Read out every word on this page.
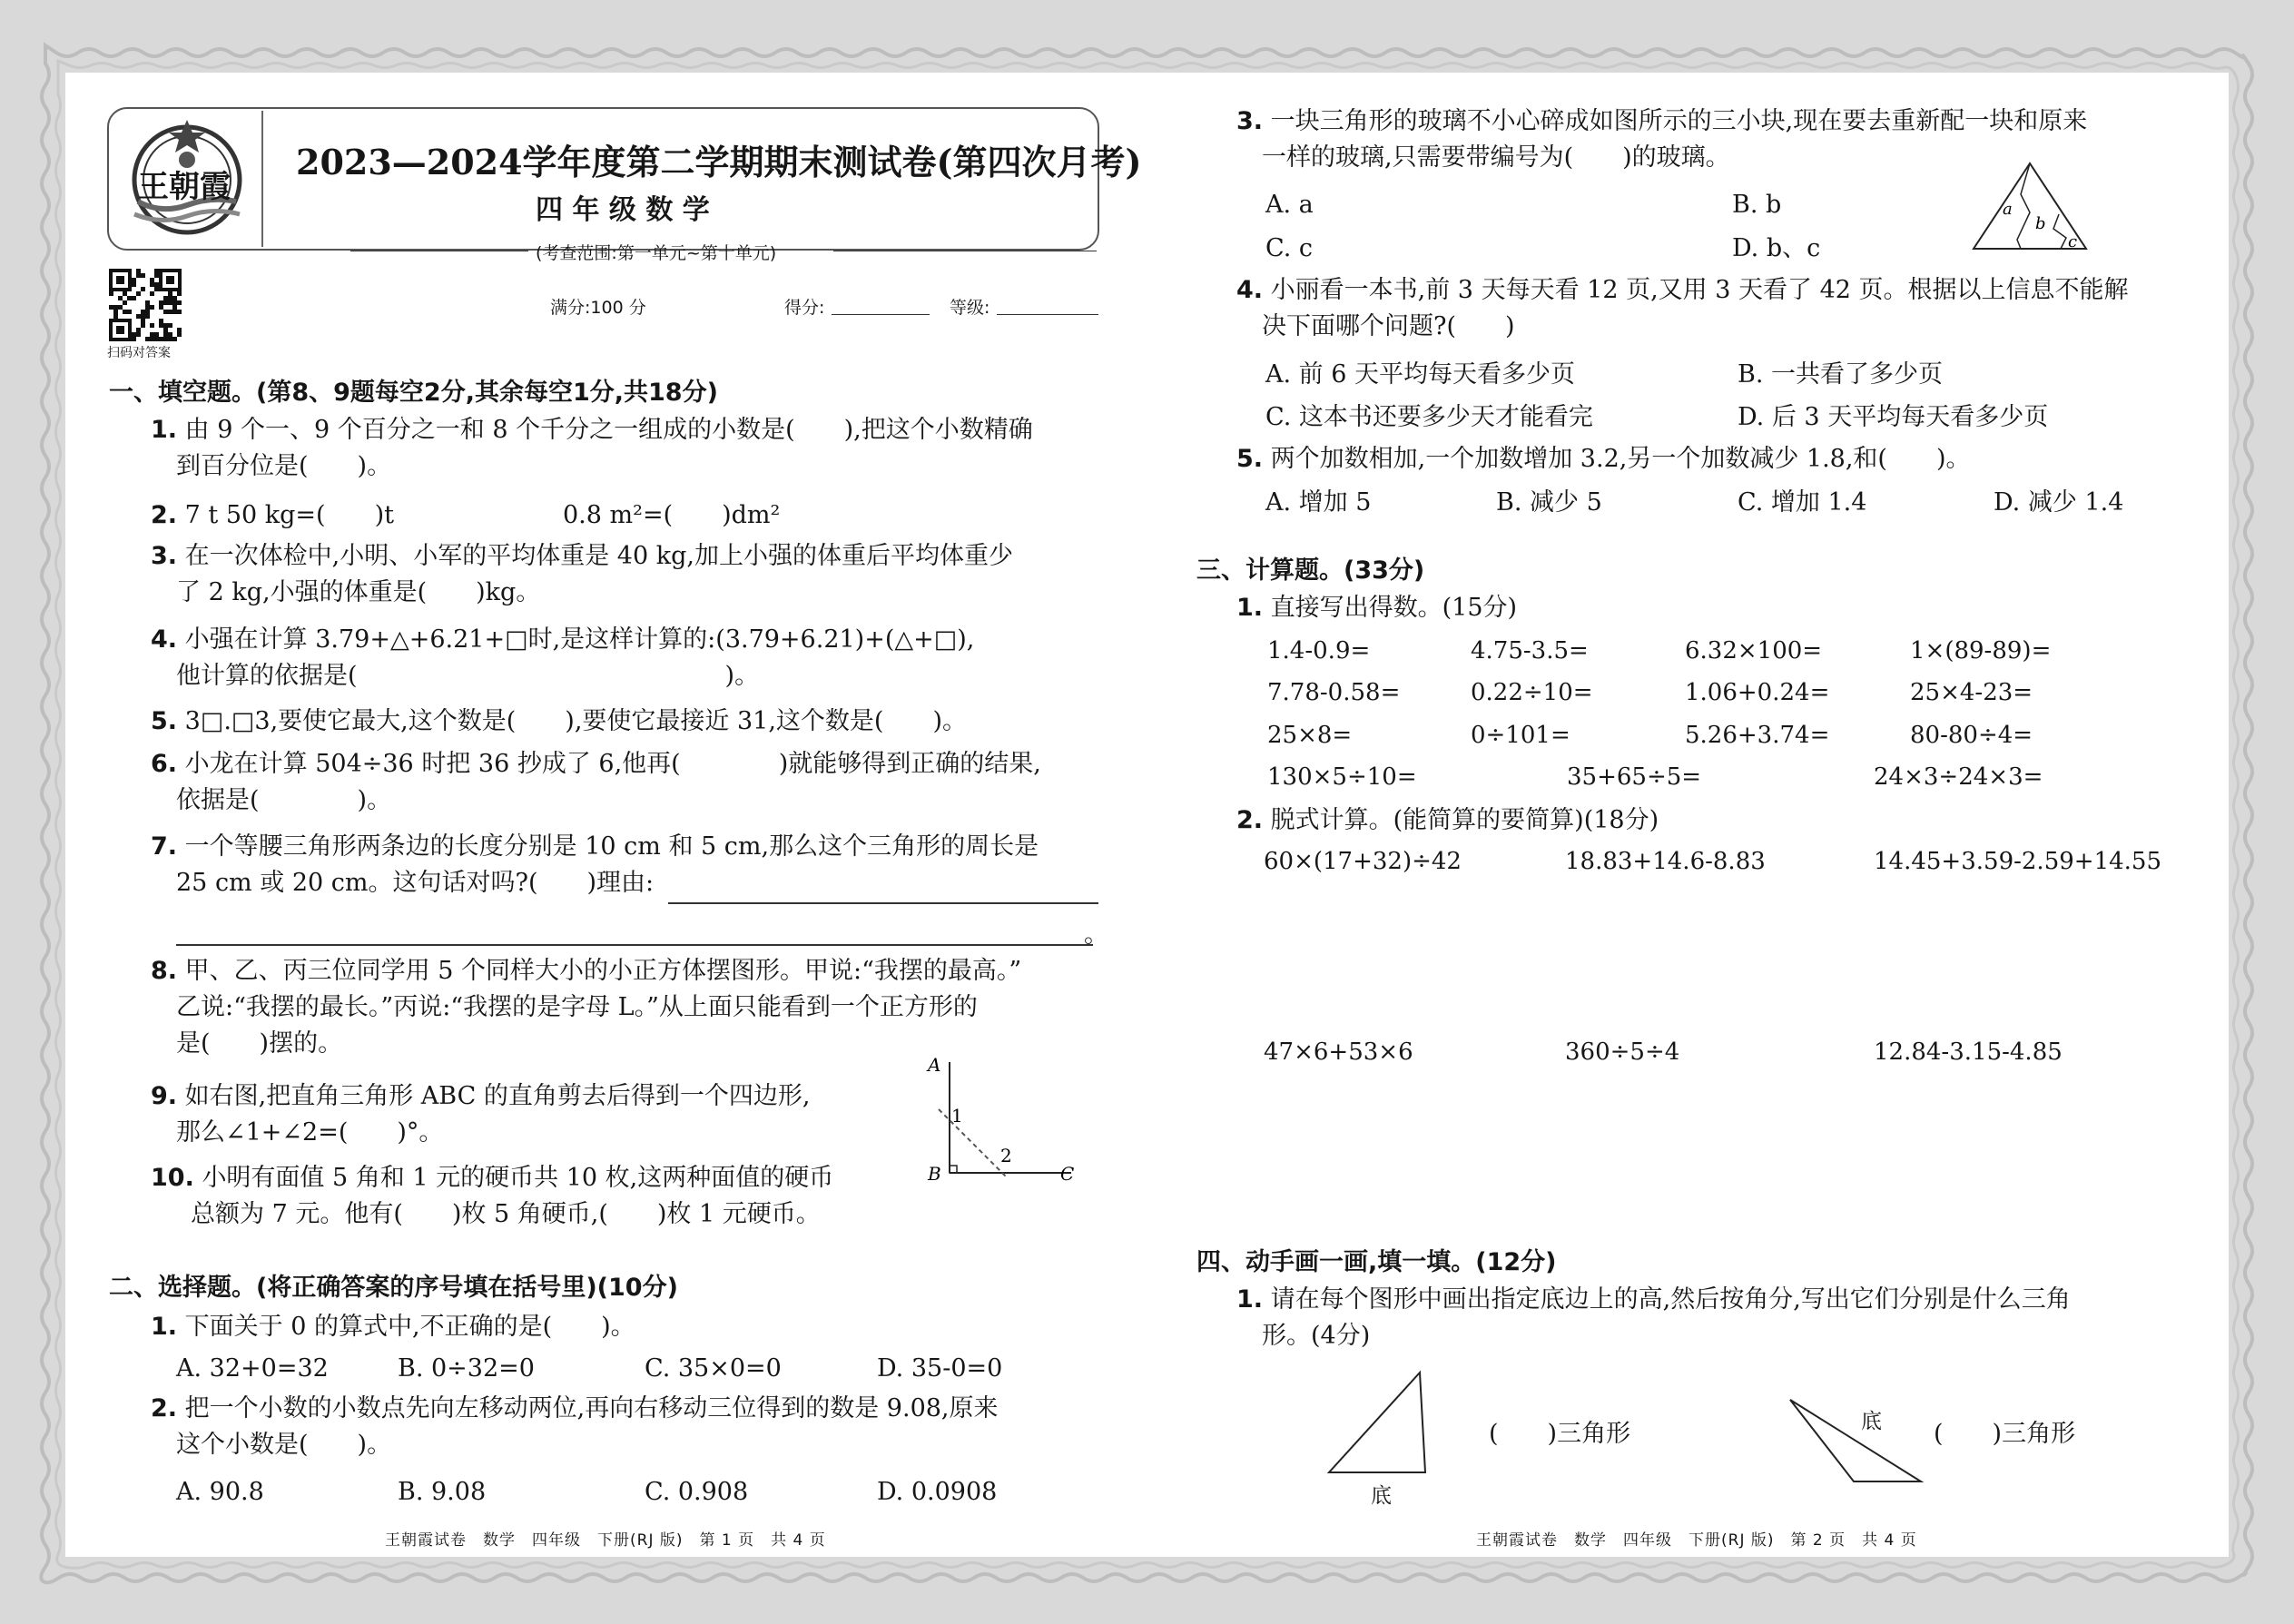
王朝霞
2023—2024学年度第二学期期末测试卷(第四次月考)
四 年 级 数 学
(考查范围:第一单元~第十单元)
扫码对答案
满分:100 分	得分:	等级:
一、填空题。(第8、9题每空2分,其余每空1分,共18分)
1. 由 9 个一、9 个百分之一和 8 个千分之一组成的小数是(　　),把这个小数精确
到百分位是(　　)。
2. 7 t 50 kg=(　　)t	0.8 m²=(　　)dm²
3. 在一次体检中,小明、小军的平均体重是 40 kg,加上小强的体重后平均体重少
了 2 kg,小强的体重是(　　)kg。
4. 小强在计算 3.79+△+6.21+□时,是这样计算的:(3.79+6.21)+(△+□),
他计算的依据是(　　　　　　　　　　　　　　　)。
5. 3□.□3,要使它最大,这个数是(　　),要使它最接近 31,这个数是(　　)。
6. 小龙在计算 504÷36 时把 36 抄成了 6,他再(　　　　)就能够得到正确的结果,
依据是(　　　　)。
7. 一个等腰三角形两条边的长度分别是 10 cm 和 5 cm,那么这个三角形的周长是
25 cm 或 20 cm。这句话对吗?(　　)理由:
。
8. 甲、乙、丙三位同学用 5 个同样大小的小正方体摆图形。甲说:“我摆的最高。”
乙说:“我摆的最长。”丙说:“我摆的是字母 L。”从上面只能看到一个正方形的
是(　　)摆的。
9. 如右图,把直角三角形 ABC 的直角剪去后得到一个四边形,
那么∠1+∠2=(　　)°。
10. 小明有面值 5 角和 1 元的硬币共 10 枚,这两种面值的硬币
总额为 7 元。他有(　　)枚 5 角硬币,(　　)枚 1 元硬币。
A
B	C
1
2
二、选择题。(将正确答案的序号填在括号里)(10分)
1. 下面关于 0 的算式中,不正确的是(　　)。
A. 32+0=32	B. 0÷32=0	C. 35×0=0	D. 35-0=0
2. 把一个小数的小数点先向左移动两位,再向右移动三位得到的数是 9.08,原来
这个小数是(　　)。
A. 90.8	B. 9.08	C. 0.908	D. 0.0908
王朝霞试卷　数学　四年级　下册(RJ 版)　第 1 页　共 4 页
3. 一块三角形的玻璃不小心碎成如图所示的三小块,现在要去重新配一块和原来
一样的玻璃,只需要带编号为(　　)的玻璃。
A. a	B. b
C. c	D. b、c
a
b
c
4. 小丽看一本书,前 3 天每天看 12 页,又用 3 天看了 42 页。根据以上信息不能解
决下面哪个问题?(　　)
A. 前 6 天平均每天看多少页	B. 一共看了多少页
C. 这本书还要多少天才能看完	D. 后 3 天平均每天看多少页
5. 两个加数相加,一个加数增加 3.2,另一个加数减少 1.8,和(　　)。
A. 增加 5	B. 减少 5	C. 增加 1.4	D. 减少 1.4
三、计算题。(33分)
1. 直接写出得数。(15分)
1.4-0.9=	4.75-3.5=	6.32×100=	1×(89-89)=
7.78-0.58=	0.22÷10=	1.06+0.24=	25×4-23=
25×8=	0÷101=	5.26+3.74=	80-80÷4=
130×5÷10=	35+65÷5=	24×3÷24×3=
2. 脱式计算。(能简算的要简算)(18分)
60×(17+32)÷42	18.83+14.6-8.83	14.45+3.59-2.59+14.55
47×6+53×6	360÷5÷4	12.84-3.15-4.85
四、动手画一画,填一填。(12分)
1. 请在每个图形中画出指定底边上的高,然后按角分,写出它们分别是什么三角
形。(4分)
底
(　　)三角形	底 (　　)三角形
王朝霞试卷　数学　四年级　下册(RJ 版)　第 2 页　共 4 页
